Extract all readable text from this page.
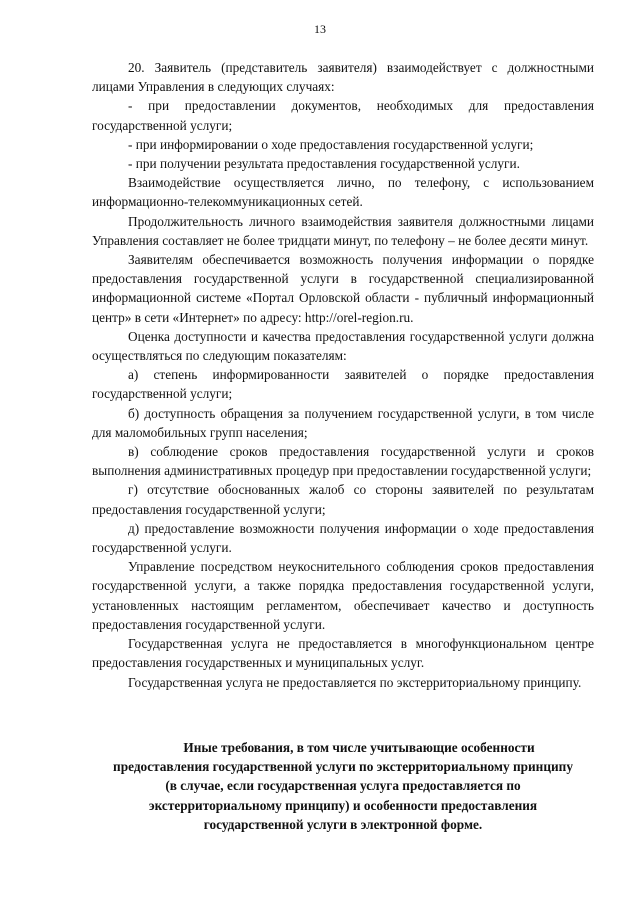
13

20. Заявитель (представитель заявителя) взаимодействует с должностными лицами Управления в следующих случаях:

- при предоставлении документов, необходимых для предоставления государственной услуги;

- при информировании о ходе предоставления государственной услуги;

- при получении результата предоставления государственной услуги.

Взаимодействие осуществляется лично, по телефону, с использованием информационно-телекоммуникационных сетей.

Продолжительность личного взаимодействия заявителя должностными лицами Управления составляет не более тридцати минут, по телефону – не более десяти минут.

Заявителям обеспечивается возможность получения информации о порядке предоставления государственной услуги в государственной специализированной информационной системе «Портал Орловской области - публичный информационный центр» в сети «Интернет» по адресу: http://orel-region.ru.

Оценка доступности и качества предоставления государственной услуги должна осуществляться по следующим показателям:

а) степень информированности заявителей о порядке предоставления государственной услуги;

б) доступность обращения за получением государственной услуги, в том числе для маломобильных групп населения;

в) соблюдение сроков предоставления государственной услуги и сроков выполнения административных процедур при предоставлении государственной услуги;

г) отсутствие обоснованных жалоб со стороны заявителей по результатам предоставления государственной услуги;

д) предоставление возможности получения информации о ходе предоставления государственной услуги.

Управление посредством неукоснительного соблюдения сроков предоставления государственной услуги, а также порядка предоставления государственной услуги, установленных настоящим регламентом, обеспечивает качество и доступность предоставления государственной услуги.

Государственная услуга не предоставляется в многофункциональном центре предоставления государственных и муниципальных услуг.

Государственная услуга не предоставляется по экстерриториальному принципу.

Иные требования, в том числе учитывающие особенности предоставления государственной услуги по экстерриториальному принципу (в случае, если государственная услуга предоставляется по экстерриториальному принципу) и особенности предоставления государственной услуги в электронной форме.
